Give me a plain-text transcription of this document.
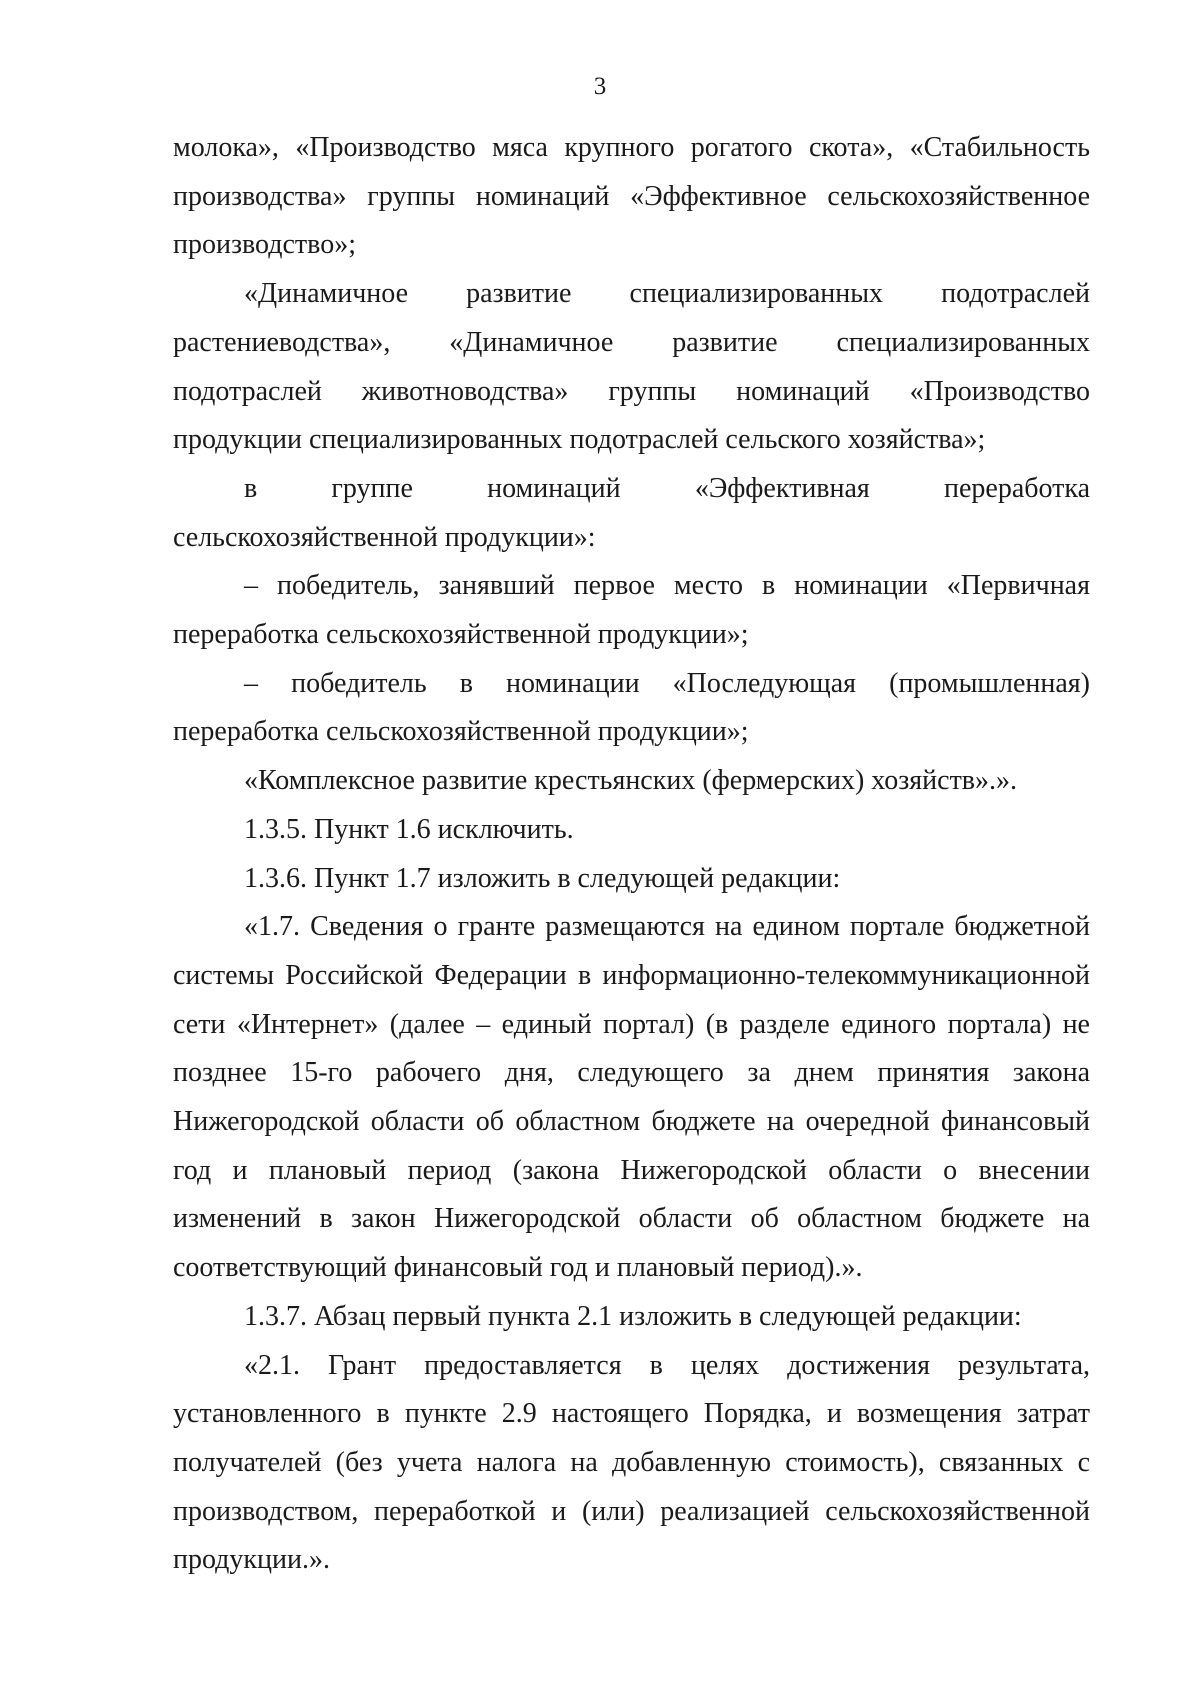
3

молока», «Производство мяса крупного рогатого скота», «Стабильность производства» группы номинаций «Эффективное сельскохозяйственное производство»;

«Динамичное развитие специализированных подотраслей растениеводства», «Динамичное развитие специализированных подотраслей животноводства» группы номинаций «Производство продукции специализированных подотраслей сельского хозяйства»;

в группе номинаций «Эффективная переработка сельскохозяйственной продукции»:

– победитель, занявший первое место в номинации «Первичная переработка сельскохозяйственной продукции»;

– победитель в номинации «Последующая (промышленная) переработка сельскохозяйственной продукции»;

«Комплексное развитие крестьянских (фермерских) хозяйств».».

1.3.5. Пункт 1.6 исключить.

1.3.6. Пункт 1.7 изложить в следующей редакции:

«1.7. Сведения о гранте размещаются на едином портале бюджетной системы Российской Федерации в информационно-телекоммуникационной сети «Интернет» (далее – единый портал) (в разделе единого портала) не позднее 15-го рабочего дня, следующего за днем принятия закона Нижегородской области об областном бюджете на очередной финансовый год и плановый период (закона Нижегородской области о внесении изменений в закон Нижегородской области об областном бюджете на соответствующий финансовый год и плановый период).».

1.3.7. Абзац первый пункта 2.1 изложить в следующей редакции:

«2.1. Грант предоставляется в целях достижения результата, установленного в пункте 2.9 настоящего Порядка, и возмещения затрат получателей (без учета налога на добавленную стоимость), связанных с производством, переработкой и (или) реализацией сельскохозяйственной продукции.».
